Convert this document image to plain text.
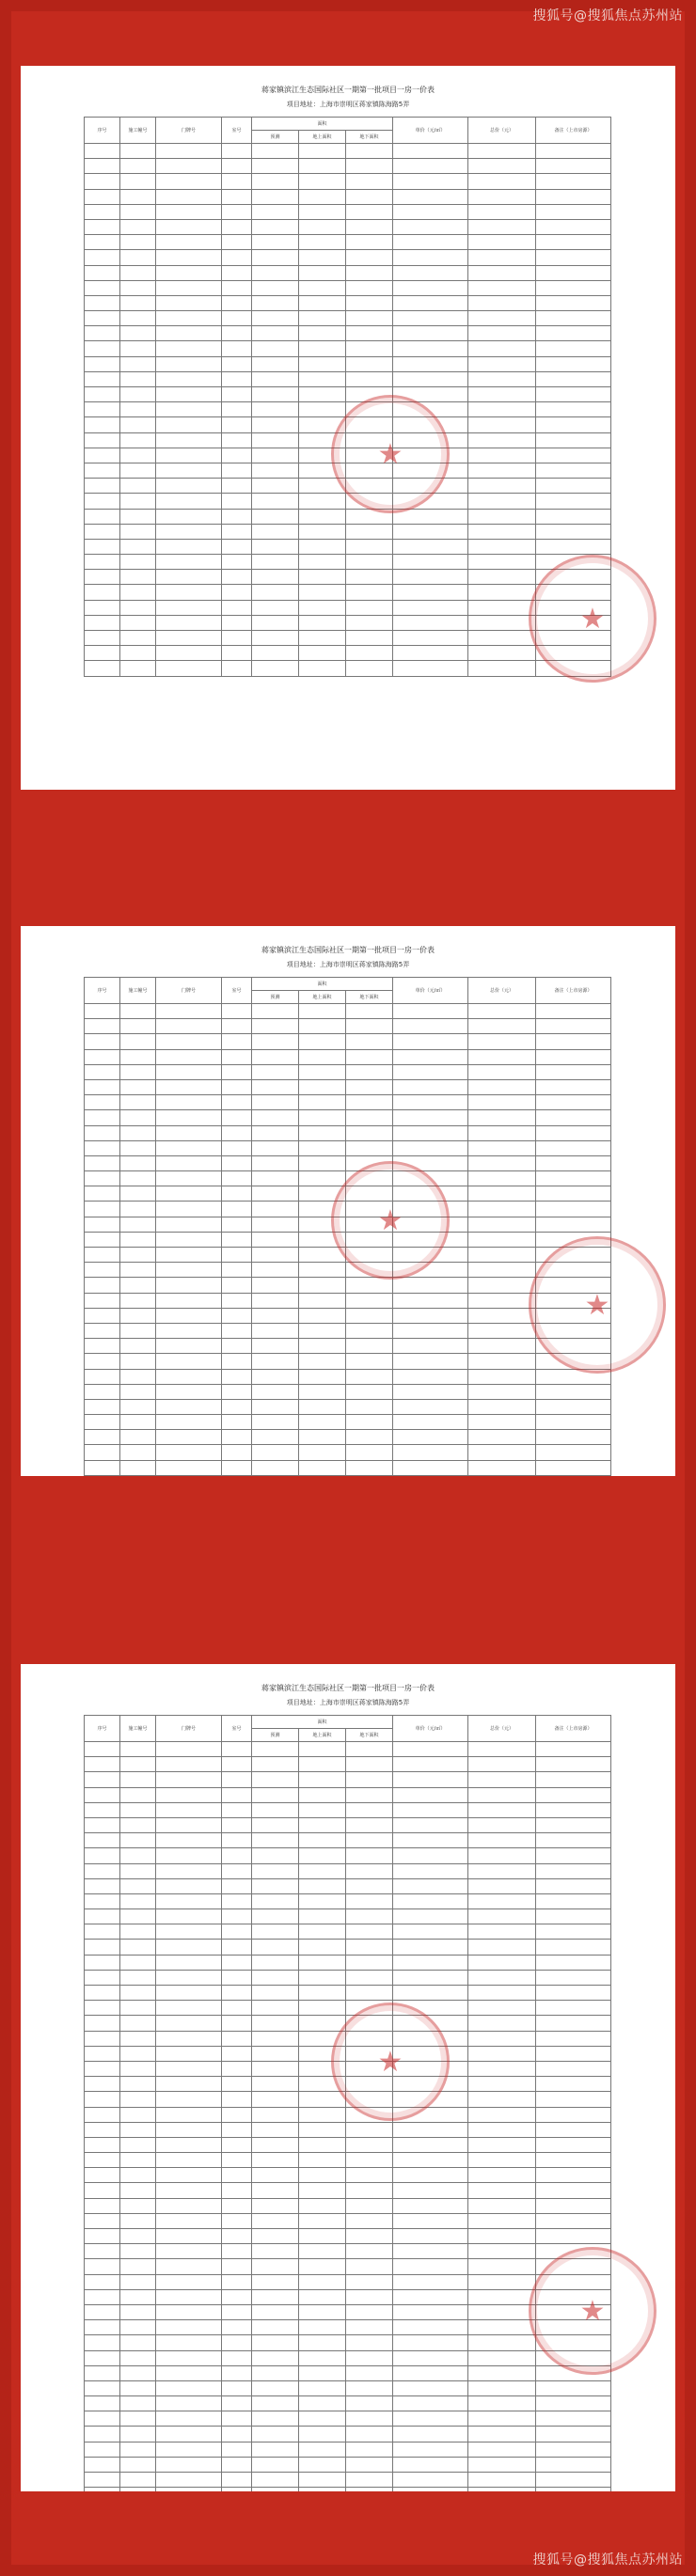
搜狐号@搜狐焦点苏州站
蒋家镇滨江生态国际社区一期第一批项目一房一价表
项目地址：上海市崇明区蒋家镇陈海路5弄
序号	施工幢号	门牌号	室号	面积			单价（元/㎡）	总价（元）	备注（上市房源）
				预测	地上面积	地下面积			

★
★
蒋家镇滨江生态国际社区一期第一批项目一房一价表
项目地址：上海市崇明区蒋家镇陈海路5弄
序号	施工幢号	门牌号	室号	面积			单价（元/㎡）	总价（元）	备注（上市房源）
				预测	地上面积	地下面积			

★
★
蒋家镇滨江生态国际社区一期第一批项目一房一价表
项目地址：上海市崇明区蒋家镇陈海路5弄
序号	施工幢号	门牌号	室号	面积			单价（元/㎡）	总价（元）	备注（上市房源）
				预测	地上面积	地下面积			

★
★
搜狐号@搜狐焦点苏州站
